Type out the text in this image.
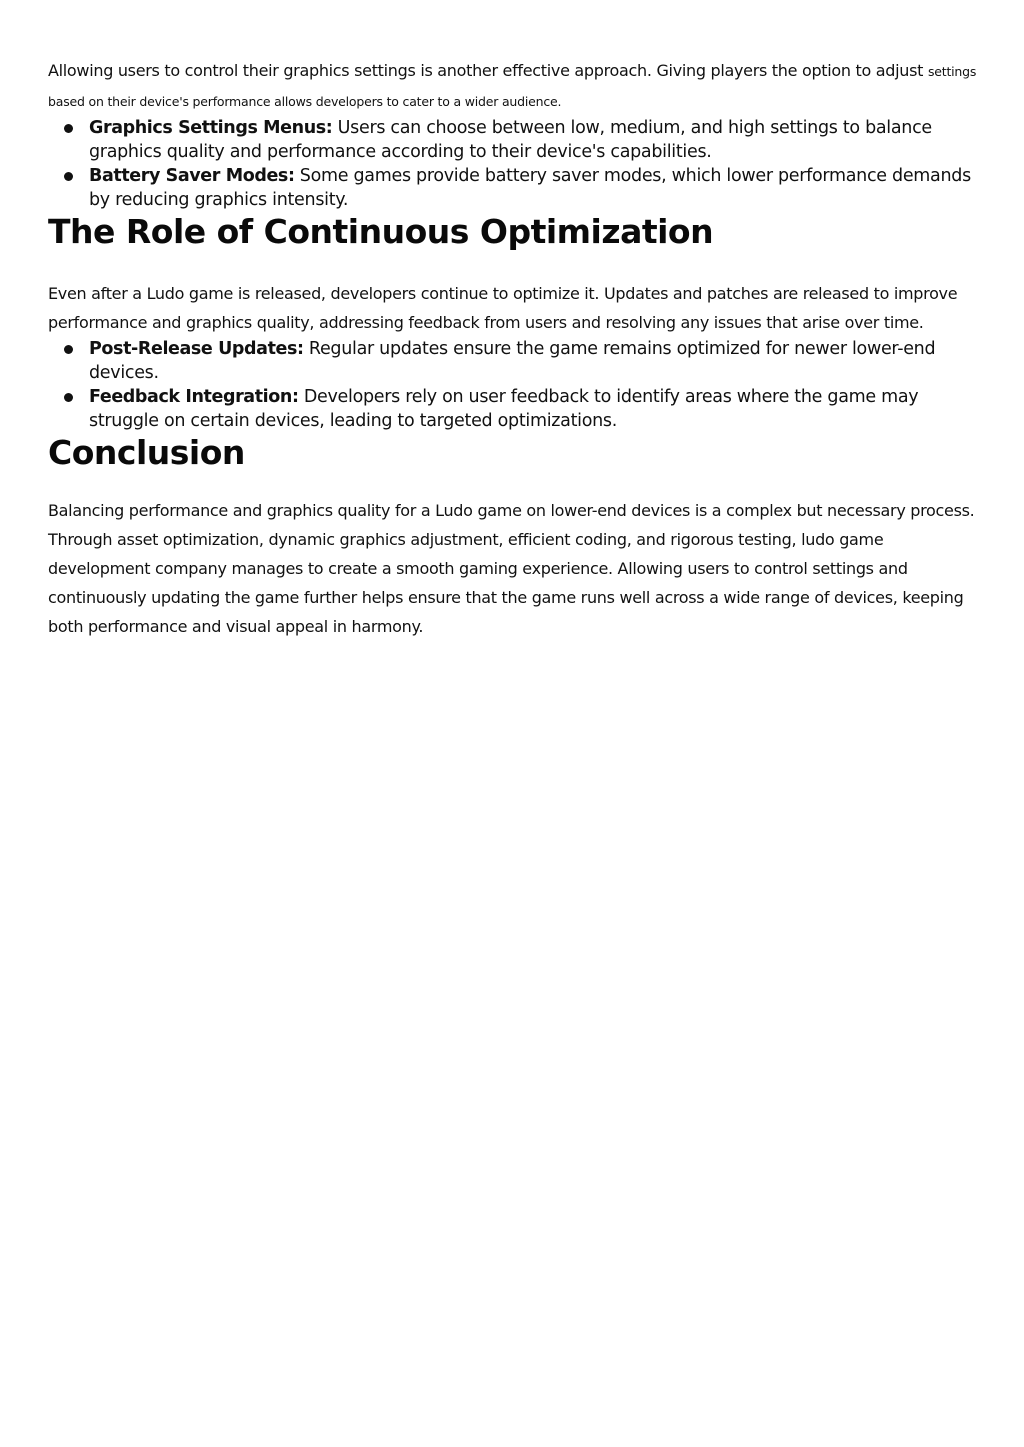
Allowing users to control their graphics settings is another effective approach. Giving players the option to adjust settings based on their device's performance allows developers to cater to a wider audience.

Graphics Settings Menus: Users can choose between low, medium, and high settings to balance graphics quality and performance according to their device's capabilities.
Battery Saver Modes: Some games provide battery saver modes, which lower performance demands by reducing graphics intensity.
The Role of Continuous Optimization

Even after a Ludo game is released, developers continue to optimize it. Updates and patches are released to improve performance and graphics quality, addressing feedback from users and resolving any issues that arise over time.

Post-Release Updates: Regular updates ensure the game remains optimized for newer lower-end devices.
Feedback Integration: Developers rely on user feedback to identify areas where the game may struggle on certain devices, leading to targeted optimizations.
Conclusion

Balancing performance and graphics quality for a Ludo game on lower-end devices is a complex but necessary process. Through asset optimization, dynamic graphics adjustment, efficient coding, and rigorous testing, ludo game development company manages to create a smooth gaming experience. Allowing users to control settings and continuously updating the game further helps ensure that the game runs well across a wide range of devices, keeping both performance and visual appeal in harmony.
